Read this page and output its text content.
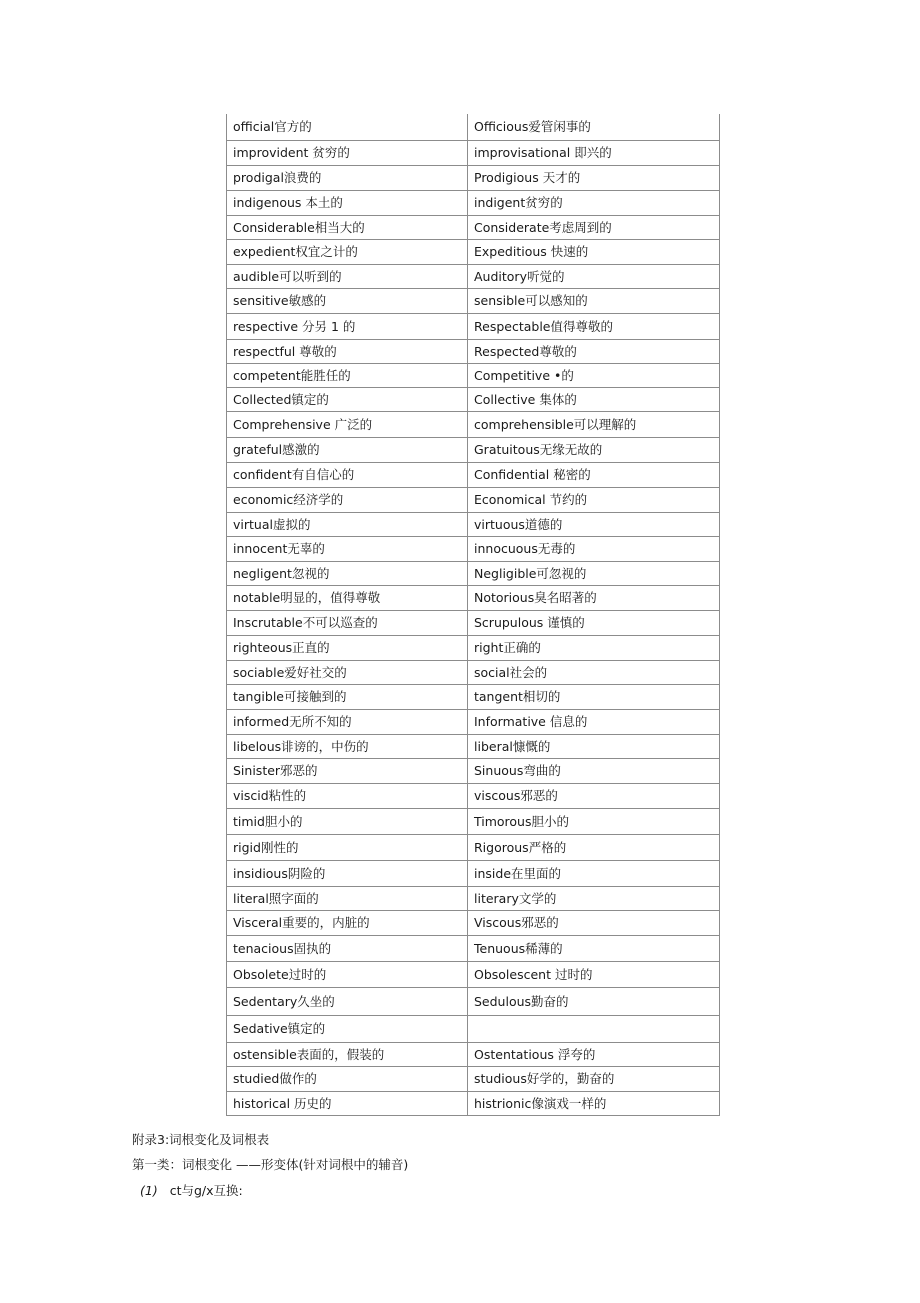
official官方的	Officious爱管闲事的
improvident 贫穷的	improvisational 即兴的
prodigal浪费的	Prodigious 天才的
indigenous 本土的	indigent贫穷的
Considerable相当大的	Considerate考虑周到的
expedient权宜之计的	Expeditious 快速的
audible可以听到的	Auditory听觉的
sensitive敏感的	sensible可以感知的
respective 分另 1 的	Respectable值得尊敬的
respectful 尊敬的	Respected尊敬的
competent能胜任的	Competitive •的
Collected镇定的	Collective 集体的
Comprehensive 广泛的	comprehensible可以理解的
grateful感激的	Gratuitous无缘无故的
confident有自信心的	Confidential 秘密的
economic经济学的	Economical 节约的
virtual虚拟的	virtuous道德的
innocent无辜的	innocuous无毒的
negligent忽视的	Negligible可忽视的
notable明显的，值得尊敬	Notorious臭名昭著的
Inscrutable不可以巡查的	Scrupulous 谨慎的
righteous正直的	right正确的
sociable爱好社交的	social社会的
tangible可接触到的	tangent相切的
informed无所不知的	Informative 信息的
libelous诽谤的，中伤的	liberal慷慨的
Sinister邪恶的	Sinuous弯曲的
viscid粘性的	viscous邪恶的
timid胆小的	Timorous胆小的
rigid刚性的	Rigorous严格的
insidious阴险的	inside在里面的
literal照字面的	literary文学的
Visceral重要的，内脏的	Viscous邪恶的
tenacious固执的	Tenuous稀薄的
Obsolete过时的	Obsolescent 过时的
Sedentary久坐的	Sedulous勤奋的
Sedative镇定的	
ostensible表面的，假装的	Ostentatious 浮夸的
studied做作的	studious好学的，勤奋的
historical 历史的	histrionic像演戏一样的
附录3:词根变化及词根表
第一类：词根变化 ——形变体(针对词根中的辅音)
(1) ct与g/x互换:
